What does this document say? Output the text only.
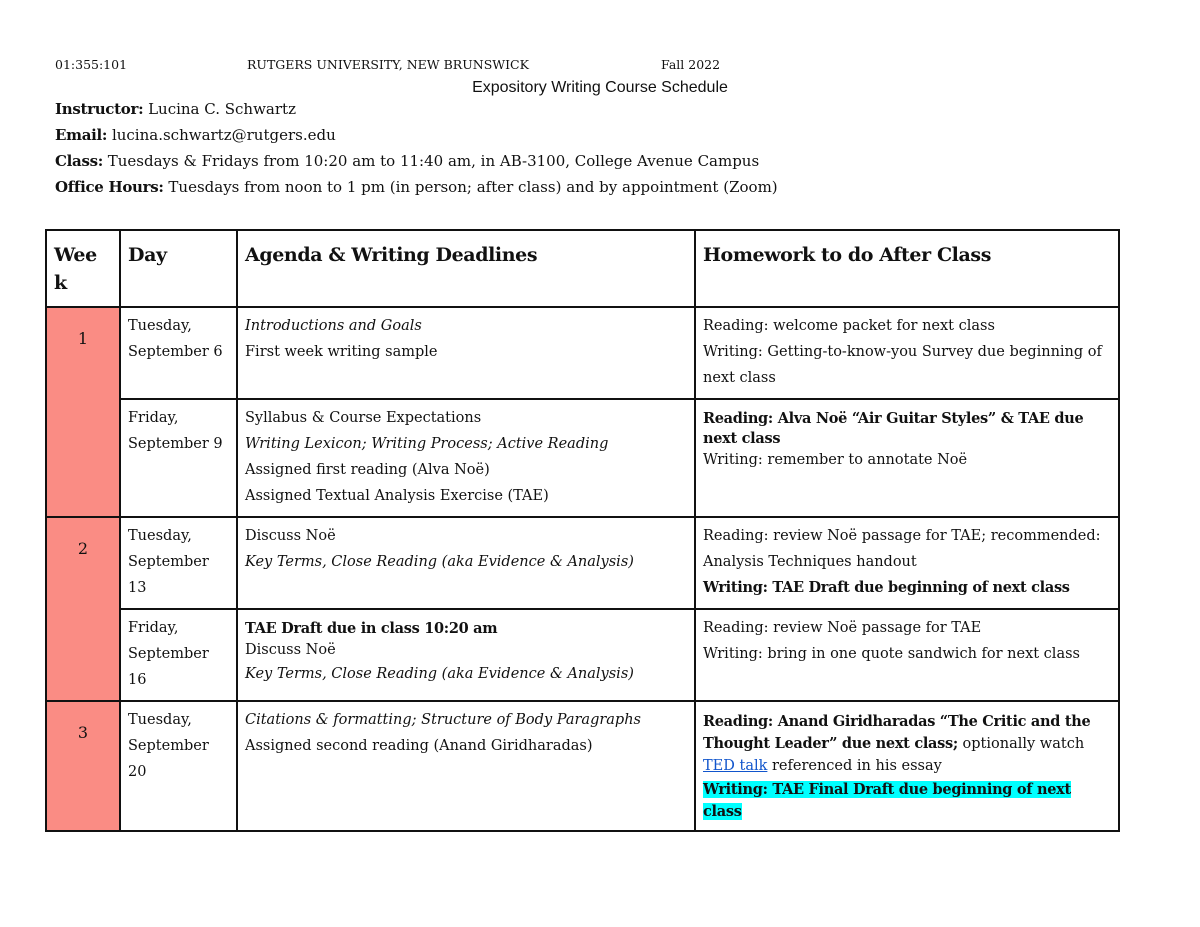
01:355:101	RUTGERS UNIVERSITY, NEW BRUNSWICK	Fall 2022
Expository Writing Course Schedule
Instructor: Lucina C. Schwartz
Email: lucina.schwartz@rutgers.edu
Class: Tuesdays & Fridays from 10:20 am to 11:40 am, in AB-3100, College Avenue Campus
Office Hours: Tuesdays from noon to 1 pm (in person; after class) and by appointment (Zoom)
Wee k	Day	Agenda & Writing Deadlines	Homework to do After Class
1	Tuesday, September 6	Introductions and Goals
First week writing sample	Reading: welcome packet for next class
Writing: Getting-to-know-you Survey due beginning of next class

	Friday, September 9	Syllabus & Course Expectations
Writing Lexicon; Writing Process; Active Reading
Assigned first reading (Alva Noë)
Assigned Textual Analysis Exercise (TAE)	Reading: Alva Noë “Air Guitar Styles” & TAE due next class
Writing: remember to annotate Noë

2	Tuesday, September 13	Discuss Noë
Key Terms, Close Reading (aka Evidence & Analysis)	Reading: review Noë passage for TAE; recommended: Analysis Techniques handout
Writing: TAE Draft due beginning of next class

	Friday, September 16	TAE Draft due in class 10:20 am
Discuss Noë
Key Terms, Close Reading (aka Evidence & Analysis)	Reading: review Noë passage for TAE
Writing: bring in one quote sandwich for next class

3	Tuesday, September 20	Citations & formatting; Structure of Body Paragraphs
Assigned second reading (Anand Giridharadas)	Reading: Anand Giridharadas “The Critic and the Thought Leader” due next class; optionally watch TED talk referenced in his essay
Writing: TAE Final Draft due beginning of next class
